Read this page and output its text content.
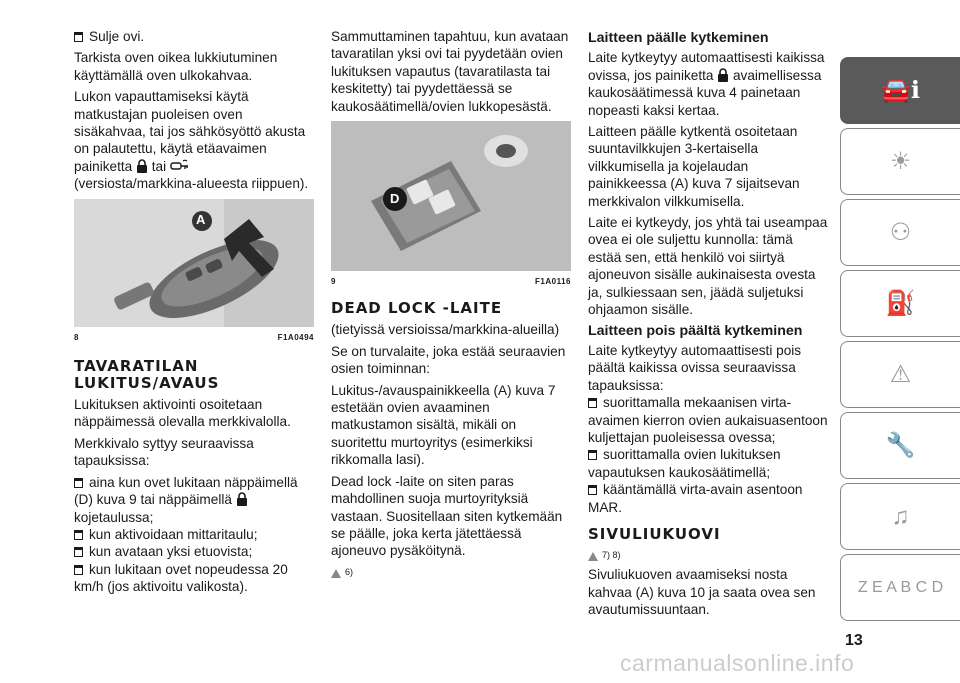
Sulje ovi.

Tarkista oven oikea lukkiutuminen käyttämällä oven ulkokahvaa.

Lukon vapauttamiseksi käytä matkustajan puoleisen oven sisäkahvaa, tai jos sähkösyöttö akusta on palautettu, käytä etäavaimen painiketta tai  (versiosta/markkina-alueesta riippuen).

A
8	F1A0494
TAVARATILAN LUKITUS/AVAUS

Lukituksen aktivointi osoitetaan näppäimessä olevalla merkkivalolla.

Merkkivalo syttyy seuraavissa tapauksissa:

aina kun ovet lukitaan näppäimellä (D) kuva 9 tai näppäimellä  kojetaulussa;

kun aktivoidaan mittaritaulu;

kun avataan yksi etuovista;

kun lukitaan ovet nopeudessa 20 km/h (jos aktivoitu valikosta).

Sammuttaminen tapahtuu, kun avataan tavaratilan yksi ovi tai pyydetään ovien lukituksen vapautus (tavaratilasta tai keskitetty) tai pyydettäessä se kaukosäätimellä/ovien lukkopesästä.

D
9	F1A0116
DEAD LOCK -LAITE

(tietyissä versioissa/markkina-alueilla)

Se on turvalaite, joka estää seuraavien osien toiminnan:

Lukitus-/avauspainikkeella (A) kuva 7 estetään ovien avaaminen matkustamon sisältä, mikäli on suoritettu murtoyritys (esimerkiksi rikkomalla lasi).

Dead lock -laite on siten paras mahdollinen suoja murtoyrityksiä vastaan. Suositellaan siten kytkemään se päälle, joka kerta jätettäessä ajoneuvo pysäköitynä.

6)

Laitteen päälle kytkeminen

Laite kytkeytyy automaattisesti kaikissa ovissa, jos painiketta avaimellisessa kaukosäätimessä kuva 4 painetaan nopeasti kaksi kertaa.

Laitteen päälle kytkentä osoitetaan suuntavilkkujen 3-kertaisella vilkkumisella ja kojelaudan painikkeessa (A) kuva 7 sijaitsevan merkkivalon vilkkumisella.

Laite ei kytkeydy, jos yhtä tai useampaa ovea ei ole suljettu kunnolla: tämä estää sen, että henkilö voi siirtyä ajoneuvon sisälle aukinaisesta ovesta ja, sulkiessaan sen, jäädä suljetuksi ohjaamon sisälle.

Laitteen pois päältä kytkeminen

Laite kytkeytyy automaattisesti pois päältä kaikissa ovissa seuraavissa tapauksissa:

suorittamalla mekaanisen virta-avaimen kierron ovien aukaisuasentoon kuljettajan puoleisessa ovessa;

suorittamalla ovien lukituksen vapautuksen kaukosäätimellä;

kääntämällä virta-avain asentoon MAR.

SIVULIUKUOVI

7) 8)

Sivuliukuoven avaamiseksi nosta kahvaa (A) kuva 10 ja saata ovea sen avautumissuuntaan.

🚘ℹ
☀
⚇
⛽
⚠
🔧
♫
Z E A B C D
13
carmanualsonline.info
